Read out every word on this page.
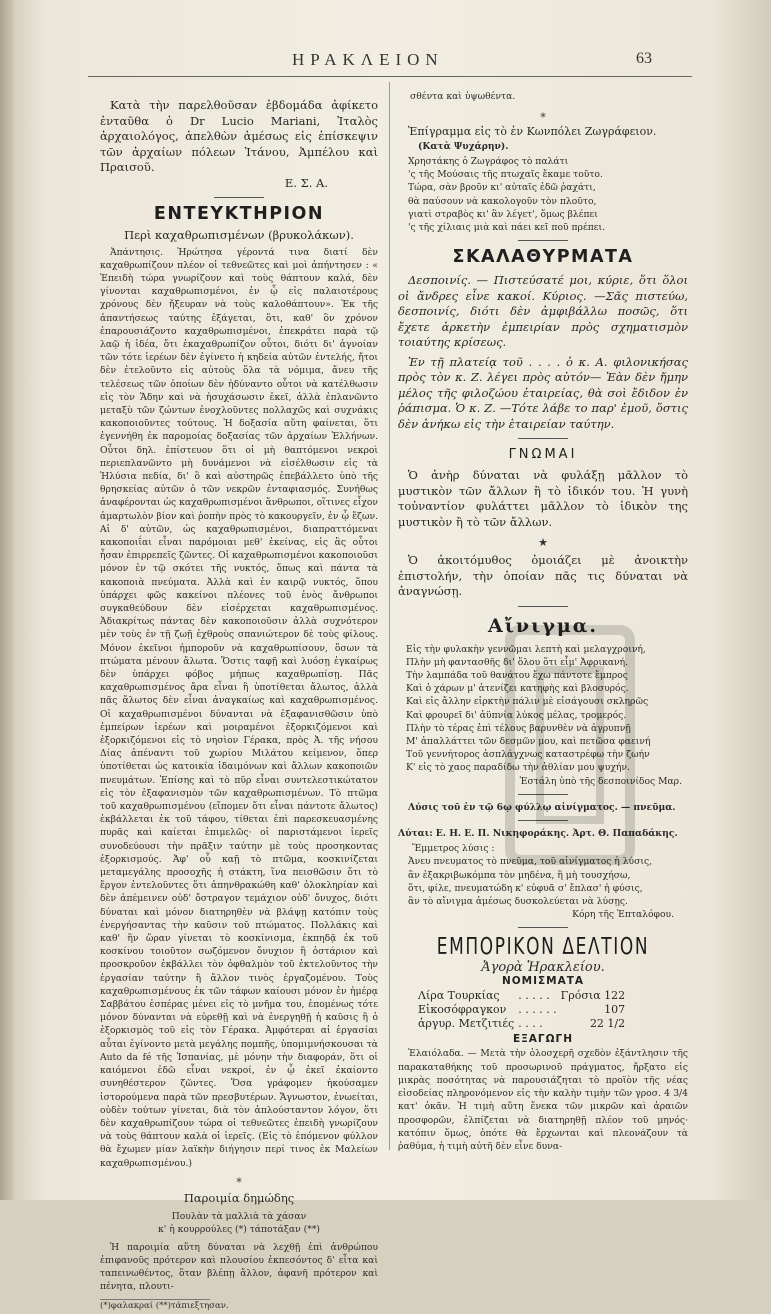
ΗΡΑΚΛΕΙΟΝ	63

Κατὰ τὴν παρελθοῦσαν ἑβδομάδα ἀφίκετο ἐνταῦθα ὁ Dr Lucio Mariani, Ἰταλὸς ἀρχαιολόγος, ἀπελθὼν ἀμέσως εἰς ἐπίσκεψιν τῶν ἀρχαίων πόλεων Ἰτάνου, Ἀμπέλου καὶ Πραισοῦ.

Ε. Σ. Α.

ΕΝΤΕΥΚΤΗΡΙΟΝ

Περὶ καχαθρωπισμένων (βρυκολάκων).

Ἀπάντησις. Ἠρώτησα γέροντά τινα διατί δὲν καχαθρωπίζουν πλέον οἱ τεθνεῶτες καὶ μοὶ ἀπήντησεν : « Ἐπειδὴ τώρα γνωρίζουν καὶ τοὺς θάπτουν καλά, δὲν γίνονται καχαθρωπισμένοι, ἐν ᾧ εἰς παλαιοτέρους χρόνους δὲν ἤξευραν νὰ τοὺς καλοθάπτουν». Ἐκ τῆς ἀπαντήσεως ταύτης ἐξάγεται, ὅτι, καθ' ὃν χρόνον ἐπαρουσιάζοντο καχαθρωπισμένοι, ἐπεκράτει παρὰ τῷ λαῷ ἡ ἰδέα, ὅτι ἐκαχαθρωπίζον οὗτοι, διότι δι' ἀγνοίαν τῶν τότε ἱερέων δὲν ἐγίνετο ἡ κηδεία αὐτῶν ἐντελής, ἤτοι δὲν ἐτελοῦντο εἰς αὐτοὺς ὅλα τὰ νόμιμα, ἄνευ τῆς τελέσεως τῶν ὁποίων δὲν ἠδύναντο οὗτοι νὰ κατέλθωσιν εἰς τὸν Ἅδην καὶ νὰ ἡσυχάσωσιν ἐκεῖ, ἀλλὰ ἐπλανῶντο μεταξὺ τῶν ζώντων ἐνοχλοῦντες πολλαχῶς καὶ συχνάκις κακοποιοῦντες τούτους. Ἡ δοξασία αὕτη φαίνεται, ὅτι ἐγεννήθη ἐκ παρομοίας δοξασίας τῶν ἀρχαίων Ἑλλήνων. Οὗτοι δηλ. ἐπίστευον ὅτι οἱ μὴ θαπτόμενοι νεκροὶ περιεπλανῶντο μὴ δυνάμενοι νὰ εἰσέλθωσιν εἰς τὰ Ἠλύσια πεδία, δι' ὃ καὶ αὐστηρῶς ἐπεβάλλετο ὑπὸ τῆς θρησκείας αὐτῶν ὁ τῶν νεκρῶν ἐνταφιασμός. Συνήθως ἀναφέρονται ὡς καχαθρωπισμένοι ἄνθρωποι, οἵτινες εἶχον ἁμαρτωλὸν βίον καὶ ῥοπὴν πρὸς τὸ κακουργεῖν, ἐν ᾧ ἔζων. Αἱ δ' αὐτῶν, ὡς καχαθρωπισμένοι, διαπραττόμεναι κακοποιΐαι εἶναι παρόμοιαι μεθ' ἐκείνας, εἰς ἃς οὗτοι ἦσαν ἐπιρρεπεῖς ζῶντες. Οἱ καχαθρωπισμένοι κακοποιοῦσι μόνον ἐν τῷ σκότει τῆς νυκτός, ὅπως καὶ πάντα τὰ κακοποιὰ πνεύματα. Ἀλλὰ καὶ ἐν καιρῷ νυκτός, ὅπου ὑπάρχει φῶς κακείνοι πλέονες τοῦ ἑνὸς ἄνθρωποι συγκαθεύδουν δὲν εἰσέρχεται καχαθρωπισμένος. Ἀδιακρίτως πάντας δὲν κακοποιοῦσιν ἀλλὰ συχνότερον μὲν τοὺς ἐν τῇ ζωῇ ἐχθροὺς σπανιώτερον δὲ τοὺς φίλους. Μόνον ἐκεῖνοι ἠμποροῦν νὰ καχαθρωπίσουν, ὅσων τὰ πτώματα μένουν ἄλωτα. Ὅστις ταφῇ καὶ λυόσῃ ἐγκαίρως δὲν ὑπάρχει φόβος μήπως καχαθρωπίσῃ. Πᾶς καχαθρωπισμένος ἄρα εἶναι ἢ ὑποτίθεται ἄλωτος, ἀλλὰ πᾶς ἄλωτος δὲν εἶναι ἀναγκαίως καὶ καχαθρωπισμένος. Οἱ καχαθρωπισμένοι δύνανται νὰ ἐξαφανισθῶσιν ὑπὸ ἐμπείρων ἱερέων καὶ μοιραμένοι ἐξορκιζόμενοι καὶ ἐξορκιζόμενοι εἰς τὸ νησὶον Γέρακα, πρὸς Ἀ. τῆς νήσου Δίας ἀπέναντι τοῦ χωρίου Μιλάτου κείμενον, ὅπερ ὑποτίθεται ὡς κατοικία ἰδαιμόνων καὶ ἄλλων κακοποιῶν πνευμάτων. Ἐπίσης καὶ τὸ πῦρ εἶναι συντελεστικώτατον εἰς τὸν ἐξαφανισμὸν τῶν καχαθρωπισμένων. Τὸ πτῶμα τοῦ καχαθρωπισμένου (εἴπομεν ὅτι εἶναι πάντοτε ἄλωτος) ἐκβάλλεται ἐκ τοῦ τάφου, τίθεται ἐπὶ παρεσκευασμένης πυρᾶς καὶ καίεται ἐπιμελῶς· οἱ παριστάμενοι ἱερεῖς συνοδεύουσι τὴν πρᾶξιν ταύτην μὲ τοὺς προσηκοντας ἐξορκισμούς. Ἀφ' οὗ καῇ τὸ πτῶμα, κοσκινίζεται μεταμεγάλης προσοχῆς ἡ στάκτη, ἵνα πεισθῶσιν ὅτι τὸ ἔργον ἐντελοῦντες ὅτι ἀπηνθρακώθη καθ' ὁλοκληρίαν καὶ δὲν ἀπέμεινεν οὐδ' ὄστραγον τεμάχιον οὐδ' ὄνυχος, διότι δύναται καὶ μόνον διατηρηθὲν νὰ βλάψῃ κατόπιν τοὺς ἐνεργήσαντας τὴν καῦσιν τοῦ πτώματος. Πολλάκις καὶ καθ' ἣν ὥραν γίνεται τὸ κοσκίνισμα, ἐκπηδᾷ ἐκ τοῦ κοσκίνου τοιοῦτον σωζόμενον ὄνυχιον ἢ ὀστάριον καὶ προσκροῦον ἐκβάλλει τὸν ὀφθαλμὸν τοῦ ἐκτελοῦντος τὴν ἐργασίαν ταύτην ἢ ἄλλον τινὸς ἐργαζομένου. Τοὺς καχαθρωπισμένους ἐκ τῶν τάφων καίουσι μόνον ἐν ἡμέρᾳ Σαββάτου ἑσπέρας μένει εἰς τὸ μνῆμα του, ἐπομένως τότε μόνον δύνανται νὰ εὑρεθῇ καὶ νὰ ἐνεργηθῇ ἡ καῦσις ἢ ὁ ἐξορκισμὸς τοῦ εἰς τὸν Γέρακα. Ἀμφότεραι αἱ ἐργασίαι αὗται ἐγίνοντο μετὰ μεγάλης πομπῆς, ὑπομιμνήσκουσαι τὰ Auto da fé τῆς Ἱσπανίας, μὲ μόνην τὴν διαφοράν, ὅτι οἱ καιόμενοι ἐδῶ εἶναι νεκροί, ἐν ᾧ ἐκεῖ ἐκαίοντο συνηθέστερον ζῶντες. Ὅσα γράφομεν ἠκούσαμεν ἱστορούμενα παρὰ τῶν πρεσβυτέρων. Ἄγνωστον, ἐνωείται, οὐδὲν τούτων γίνεται, διὰ τὸν ἁπλούσταντον λόγον, ὅτι δὲν καχαθρωπίζουν τώρα οἱ τεθνεῶτες ἐπειδὴ γνωρίζουν νὰ τοὺς θάπτουν καλὰ οἱ ἱερεῖς. (Εἰς τὸ ἐπόμενον φύλλον θὰ ἔχωμεν μίαν λαϊκὴν διήγησιν περί τινος ἐκ Μαλείων καχαθρωπισμένου.)

*

Παροιμία δημώδης

Πουλὰν τὰ μαλλιὰ τὰ χάσαν
κ' ἡ κουρρούλες (*) τάποτάξαν (**)

Ἡ παροιμία αὕτη δύναται νὰ λεχθῇ ἐπὶ ἀνθρώπου ἐπιφανοῦς πρότερον καὶ πλουσίου ἐκπεσόντος δ' εἶτα καὶ ταπεινωθέντος, ὅταν βλέπῃ ἄλλον, ἀφανῆ πρότερον καὶ πένητα, πλουτι-

(*)φαλακραί (**)τάπιεξτησαν.

σθέντα καὶ ὑψωθέντα.

*

Ἐπίγραμμα εἰς τὸ ἐν Κωνπόλει Ζωγράφειον.

(Κατὰ Ψυχάρην).

Χρηστάκης ὁ Ζωγράφος τὸ παλάτι
'ς τῆς Μούσαις τῆς πτωχαῖς ἔκαμε τοῦτο.
Τώρα, σὰν βροῦν κι' αὐταῖς ἐδῶ ῥαχάτι,
θὰ παύσουν νὰ κακολογοῦν τὸν πλοῦτο,
γιατὶ στραβὸς κι' ἂν λέγετ', ὅμως βλέπει
'ς τῆς χίλιαις μιὰ καὶ πάει κεῖ ποῦ πρέπει.
ΣΚΑΛΑΘΥΡΜΑΤΑ

Δεσποινίς. — Πιστεύσατέ μοι, κύριε, ὅτι ὅλοι οἱ ἄνδρες εἶνε κακοί. Κύριος. —Σᾶς πιστεύω, δεσποινίς, διότι δὲν ἀμφιβάλλω ποσῶς, ὅτι ἔχετε ἀρκετὴν ἐμπειρίαν πρὸς σχηματισμὸν τοιαύτης κρίσεως.

Ἐν τῇ πλατείᾳ τοῦ . . . . ὁ κ. Α. φιλονικήσας πρὸς τὸν κ. Ζ. λέγει πρὸς αὐτόν— Ἐὰν δὲν ἤμην μέλος τῆς φιλοζώου ἑταιρείας, θὰ σοὶ ἔδιδον ἐν ῥάπισμα. Ὁ κ. Ζ. —Τότε λάβε το παρ' ἐμοῦ, ὅστις δὲν ἀνήκω εἰς τὴν ἑταιρείαν ταύτην.

ΓΝΩΜΑΙ

Ὁ ἀνὴρ δύναται νὰ φυλάξῃ μᾶλλον τὸ μυστικὸν τῶν ἄλλων ἢ τὸ ἰδικόν του. Ἡ γυνὴ τοὐναντίον φυλάττει μᾶλλον τὸ ἰδικὸν της μυστικὸν ἢ τὸ τῶν ἄλλων.

★

Ὁ ἀκοιτόμυθος ὁμοιάζει μὲ ἀνοικτὴν ἐπιστολήν, τὴν ὁποίαν πᾶς τις δύναται νὰ ἀναγνώσῃ.

Αἴνιγμα.
Εἰς τὴν φυλακὴν γεννῶμαι λεπτὴ καὶ μελαγχροινή,
Πλὴν μὴ φαντασθῆς δι' ὅλου ὅτι εἶμ' Ἀφρικανή.
Τὴν λαμπάδα τοῦ θανάτου ἔχω πάντοτε ἔμπρος
Καὶ ὁ χάρων μ' ἀτενίζει κατηφὴς καὶ βλοσυρός.
Καὶ εἰς ἄλλην εἱρκτὴν πάλιν μὲ εἰσάγουσι σκληρῶς
Καὶ φρουρεῖ δι' ἀϋπνία λύκος μέλας, τρομερός.
Πλὴν τὸ τέρας ἐπὶ τέλους βαρυνθὲν νὰ ἀγρυπνῇ
Μ' ἀπαλλάττει τῶν δεσμῶν μου, καὶ πετῶσα φαεινή
Τοῦ γεννήτορος ἀσπλάγχνως καταστρέφω τὴν ζωήν
Κ' εἰς τὸ χαος παραδίδω τὴν ἀθλίαν μου ψυχήν.

Ἐστάλη ὑπὸ τῆς δεσποινίδος Μαρ.

Λύσις τοῦ ἐν τῷ 6ῳ φύλλῳ αἰνίγματος. — πνεῦμα.

Λύται: Ε. Η. Ε. Π. Νικηφοράκης. Ἀρτ. Θ. Παπαδάκης.

Ἔμμετρος λύσις :

Ἀνευ πνευματος τὸ πνεῦμα, τοῦ αἰνίγματος ἡ λύσις,
ἂν ἐξακριβωκόμπα τὸν μηδένα, ἢ μὴ τουσχήσω,
ὅτι, φίλε, πνευματώδη κ' εὐφυᾶ σ' ἔπλασ' ἡ φύσις,
ἂν τὸ αἴνιγμα ἀμέσως δυσκολεύεται νὰ λύσῃς.

Κόρη τῆς Ἐπταλόφου.

ΕΜΠΟΡΙΚΟΝ ΔΕΛΤΙΟΝ

Ἀγορὰ Ἡρακλείου.

ΝΟΜΙΣΜΑΤΑ
Λίρα Τουρκίας	. . . . .	Γρόσια 122
Εἰκοσόφραγκον	. . . . . .	107
ἀργυρ. Μετζιτιές	. . . .	22 1/2
ΕΞΑΓΩΓΗ

Ἐλαιόλαδα. — Μετὰ τὴν ὁλοσχερῆ σχεδὸν ἐξάντλησιν τῆς παρακαταθήκης τοῦ προσωρινοῦ πράγματος, ἤρξατο εἰς μικρὰς ποσότητας νὰ παρουσιάζηται τὸ προϊὸν τῆς νέας εἰσοδείας πληρονόμενον εἰς τὴν καλὴν τιμὴν τῶν γροσ. 4 3/4 κατ' ὀκᾶν. Ἡ τιμὴ αὕτη ἕνεκα τῶν μικρῶν καὶ ἀραιῶν προσφορῶν, ἐλπίζεται νὰ διατηρηθῇ πλέον τοῦ μηνός· κατόπιν ὅμως, ὁπότε θὰ ἔρχωνται καὶ πλεονάζουν τὰ ῥαθύμα, ἡ τιμὴ αὐτῆ δὲν εἶνε δυνα-
